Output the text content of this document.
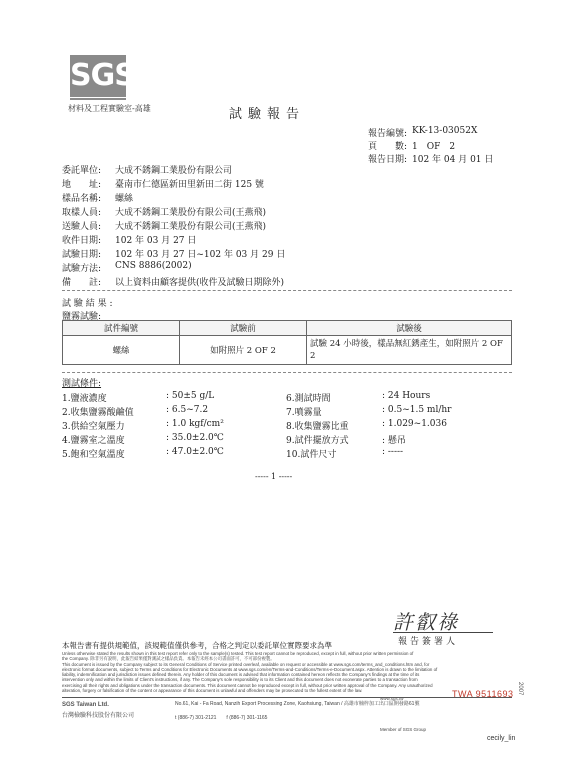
SGS
材料及工程實驗室-高雄	試驗報告
報告編號: KK-13-03052X
頁　　數: 1　OF　2
報告日期: 102 年 04 月 01 日
委託單位: 大成不銹鋼工業股份有限公司
地　　址: 臺南市仁德區新田里新田二街 125 號
樣品名稱: 螺絲
取樣人員: 大成不銹鋼工業股份有限公司(王燕飛)
送驗人員: 大成不銹鋼工業股份有限公司(王燕飛)
收件日期: 102 年 03 月 27 日
試驗日期: 102 年 03 月 27 日~102 年 03 月 29 日
試驗方法: CNS 8886(2002)
備　　註: 以上資料由顧客提供(收件及試驗日期除外)
試 驗 結 果 :
鹽霧試驗:
試件編號	試驗前	試驗後
螺絲	如附照片 2 OF 2	試驗 24 小時後，樣品無紅銹產生，如附照片 2 OF 2
測試條件:
1.鹽液濃度	: 50±5 g/L	6.測試時間	: 24 Hours
2.收集鹽霧酸鹼值	: 6.5~7.2	7.噴霧量	: 0.5~1.5 ml/hr
3.供給空氣壓力	: 1.0 kgf/cm²	8.收集鹽霧比重	: 1.029~1.036
4.鹽霧室之溫度	: 35.0±2.0℃	9.試件擺放方式	: 懸吊
5.飽和空氣溫度	: 47.0±2.0℃	10.試件尺寸	: -----
----- 1 -----
許叡祿
報告簽署人
本報告書有提供規範值，該規範值僅供參考，合格之判定以委託單位實際要求為準
Unless otherwise stated the results shown in this test report refer only to the sample(s) tested. This test report cannot be reproduced, except in full, without prior written permission of
the Company. 除非另有說明，此報告結果僅對測試之樣品負責。本報告未經本公司書面許可，不可部份複製。
This document is issued by the Company subject to its General Conditions of Service printed overleaf, available on request or accessible at www.sgs.com/terms_and_conditions.htm and, for
electronic format documents, subject to Terms and Conditions for Electronic Documents at www.sgs.com/en/Terms-and-Conditions/Terms-e-Document.aspx. Attention is drawn to the limitation of
liability, indemnification and jurisdiction issues defined therein. Any holder of this document is advised that information contained hereon reflects the Company's findings at the time of its
intervention only and within the limits of Client's instructions, if any. The Company's sole responsibility is to its Client and this document does not exonerate parties to a transaction from
exercising all their rights and obligations under the transaction documents. This document cannot be reproduced except in full, without prior written approval of the Company. Any unauthorized
alteration, forgery or falsification of the content or appearance of this document is unlawful and offenders may be prosecuted to the fullest extent of the law.	TWA 9511693
www.sgs.tw
SGS Taiwan Ltd.
台灣檢驗科技股份有限公司
No.61, Kai - Fa Road, Nanzih Export Processing Zone, Kaohsiung, Taiwan / 高雄市楠梓加工出口區開發路61號
t (886-7) 301-2121　　f (886-7) 301-1165
Member of SGS Group
2007
cecily_lin
